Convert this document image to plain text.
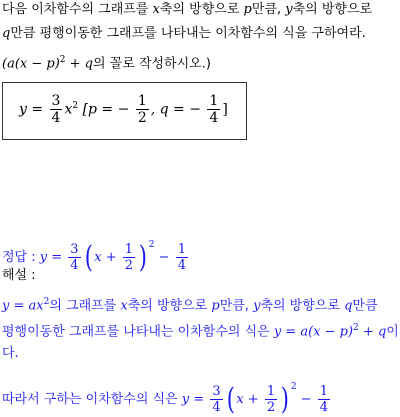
다음 이차함수의 그래프를 x축의 방향으로 p만큼, y축의 방향으로
q만큼 평행이동한 그래프를 나타내는 이차함수의 식을 구하여라.
($a(x - p)^2 + q$의 꼴로 작성하시오.)
$y = \frac{3}{4} x^2$ [p = − $\frac{1}{2}$ , q = − $\frac{1}{4}$ ]
정답 : $y = \frac{3}{4}$ ( $x + \frac{1}{2}$ ) $^2 - \frac{1}{4}$
해설 :
$y = ax^2$의 그래프를 x축의 방향으로 p만큼, y축의 방향으로 q만큼
평행이동한 그래프를 나타내는 이차함수의 식은 $y = a(x - p)^2 + q$이
다.
따라서 구하는 이차함수의 식은 $y = \frac{3}{4}$ ( $x + \frac{1}{2}$ ) $^2 - \frac{1}{4}$
